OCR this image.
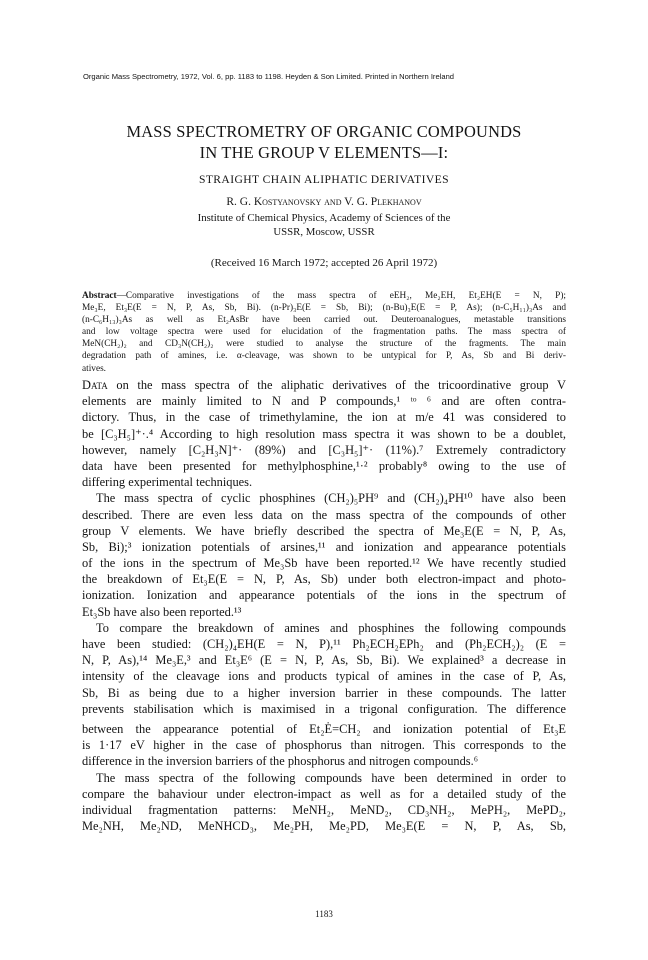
Organic Mass Spectrometry, 1972, Vol. 6, pp. 1183 to 1198. Heyden & Son Limited. Printed in Northern Ireland
MASS SPECTROMETRY OF ORGANIC COMPOUNDS
IN THE GROUP V ELEMENTS—I:
STRAIGHT CHAIN ALIPHATIC DERIVATIVES
R. G. Kostyanovsky and V. G. Plekhanov
Institute of Chemical Physics, Academy of Sciences of the
USSR, Moscow, USSR
(Received 16 March 1972; accepted 26 April 1972)
Abstract—Comparative investigations of the mass spectra of eEH₂, Me₂EH, Et₂EH(E = N, P);
Me₃E, Et₃E(E = N, P, As, Sb, Bi). (n-Pr)₃E(E = Sb, Bi); (n-Bu)₃E(E = P, As); (n-C₅H₁₁)₃As and
(n-C₆H₁₃)₃As as well as Et₂AsBr have been carried out. Deuteroanalogues, metastable transitions
and low voltage spectra were used for elucidation of the fragmentation paths. The mass spectra of
MeN(CH₂)₂ and CD₃N(CH₂)₂ were studied to analyse the structure of the fragments. The main
degradation path of amines, i.e. α-cleavage, was shown to be untypical for P, As, Sb and Bi deriv-
atives.
Data on the mass spectra of the aliphatic derivatives of the tricoordinative group V
elements are mainly limited to N and P compounds,¹ ᵗᵒ ⁶ and are often contra-
dictory. Thus, in the case of trimethylamine, the ion at m/e 41 was considered to
be [C₃H₅]⁺·.⁴ According to high resolution mass spectra it was shown to be a doublet,
however, namely [C₂H₃N]⁺· (89%) and [C₃H₅]⁺· (11%).⁷ Extremely contradictory
data have been presented for methylphosphine,¹·² probably⁸ owing to the use of
differing experimental techniques.
The mass spectra of cyclic phosphines (CH₂)₅PH⁹ and (CH₂)₄PH¹⁰ have also been
described. There are even less data on the mass spectra of the compounds of other
group V elements. We have briefly described the spectra of Me₃E(E = N, P, As,
Sb, Bi);³ ionization potentials of arsines,¹¹ and ionization and appearance potentials
of the ions in the spectrum of Me₃Sb have been reported.¹² We have recently studied
the breakdown of Et₃E(E = N, P, As, Sb) under both electron-impact and photo-
ionization. Ionization and appearance potentials of the ions in the spectrum of
Et₃Sb have also been reported.¹³
To compare the breakdown of amines and phosphines the following compounds
have been studied: (CH₂)₄EH(E = N, P),¹¹ Ph₂ECH₂EPh₂ and (Ph₂ECH₂)₂ (E =
N, P, As),¹⁴ Me₃E,³ and Et₃E⁶ (E = N, P, As, Sb, Bi). We explained³ a decrease in
intensity of the cleavage ions and products typical of amines in the case of P, As,
Sb, Bi as being due to a higher inversion barrier in these compounds. The latter
prevents stabilisation which is maximised in a trigonal configuration. The difference
between the appearance potential of Et₂E͏̇=CH₂ and ionization potential of Et₃E
is 1·17 eV higher in the case of phosphorus than nitrogen. This corresponds to the
difference in the inversion barriers of the phosphorus and nitrogen compounds.⁶
The mass spectra of the following compounds have been determined in order to
compare the bahaviour under electron-impact as well as for a detailed study of the
individual fragmentation patterns: MeNH₂, MeND₂, CD₃NH₂, MePH₂, MePD₂,
Me₂NH, Me₂ND, MeNHCD₃, Me₂PH, Me₂PD, Me₃E(E = N, P, As, Sb,
1183
